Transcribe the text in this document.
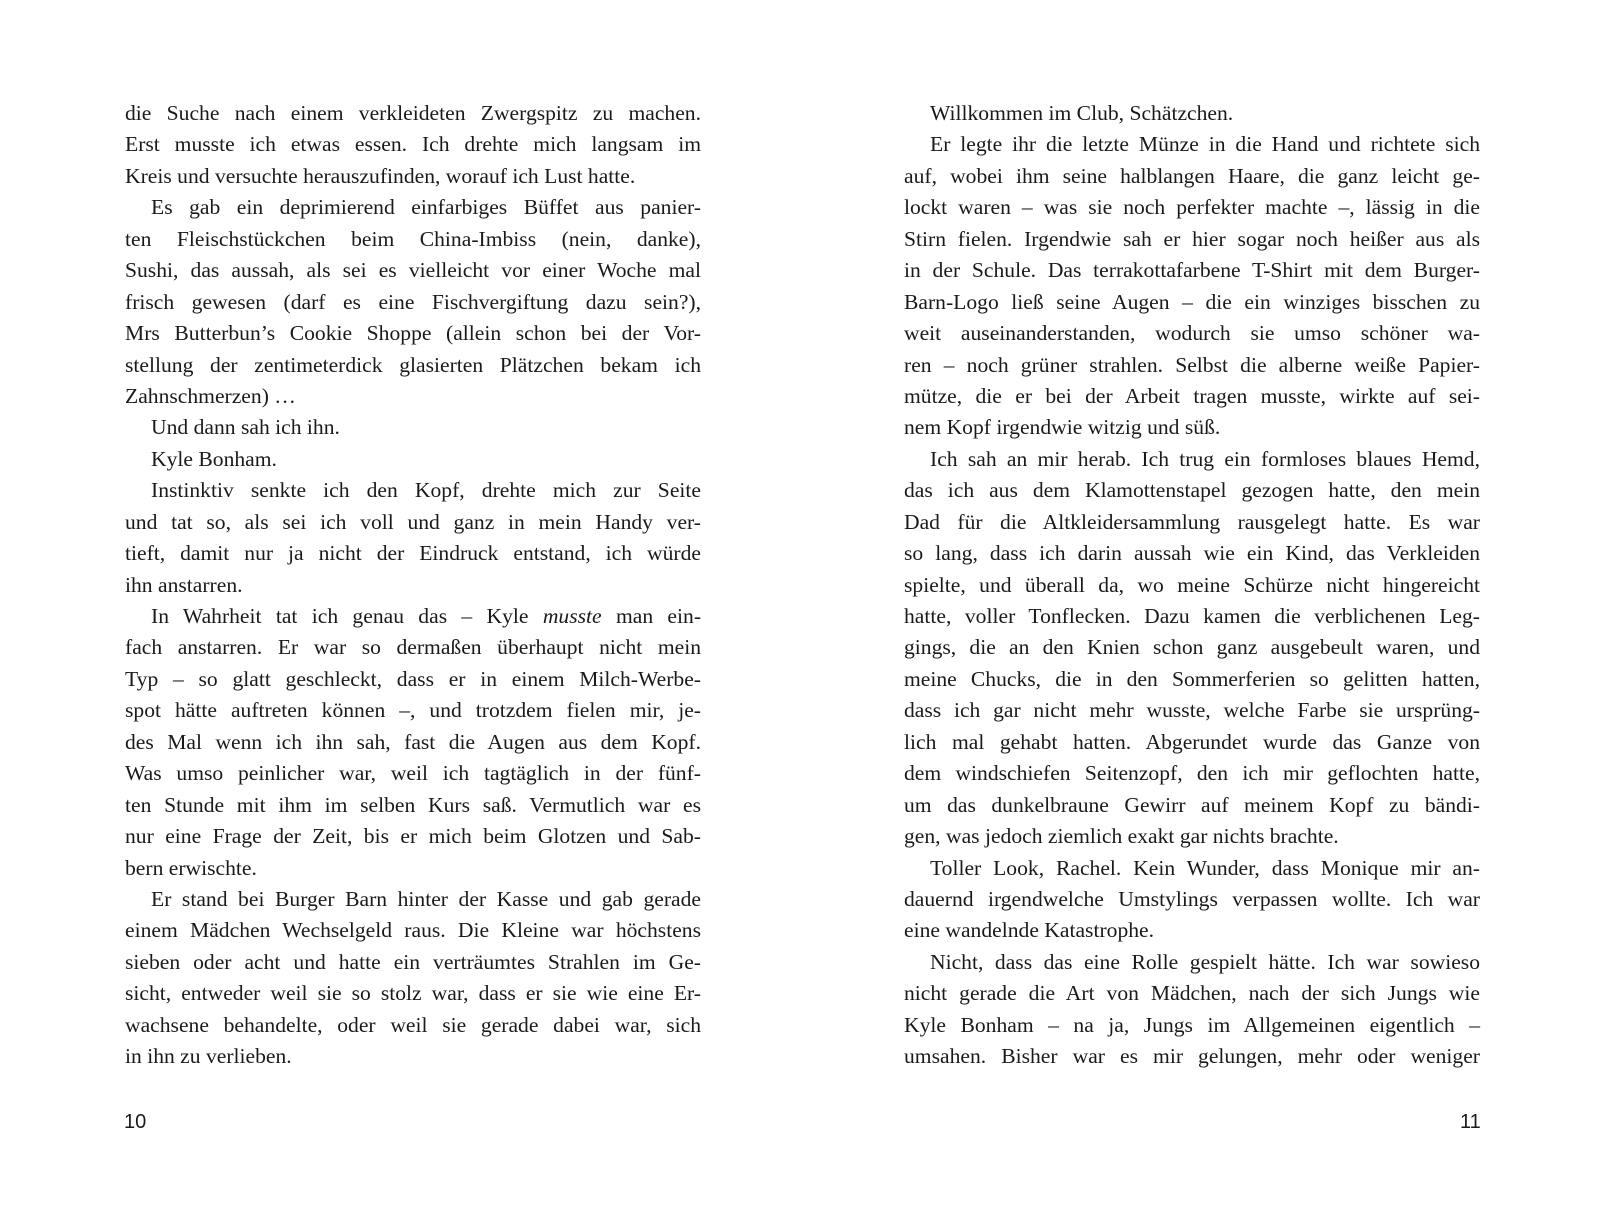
die Suche nach einem verkleideten Zwergspitz zu machen.
Erst musste ich etwas essen. Ich drehte mich langsam im
Kreis und versuchte herauszufinden, worauf ich Lust hatte.
Es gab ein deprimierend einfarbiges Büffet aus panier-
ten Fleischstückchen beim China-Imbiss (nein, danke),
Sushi, das aussah, als sei es vielleicht vor einer Woche mal
frisch gewesen (darf es eine Fischvergiftung dazu sein?),
Mrs Butterbun’s Cookie Shoppe (allein schon bei der Vor-
stellung der zentimeterdick glasierten Plätzchen bekam ich
Zahnschmerzen) …
Und dann sah ich ihn.
Kyle Bonham.
Instinktiv senkte ich den Kopf, drehte mich zur Seite
und tat so, als sei ich voll und ganz in mein Handy ver-
tieft, damit nur ja nicht der Eindruck entstand, ich würde
ihn anstarren.
In Wahrheit tat ich genau das – Kyle musste man ein-
fach anstarren. Er war so dermaßen überhaupt nicht mein
Typ – so glatt geschleckt, dass er in einem Milch-Werbe-
spot hätte auftreten können –, und trotzdem fielen mir, je-
des Mal wenn ich ihn sah, fast die Augen aus dem Kopf.
Was umso peinlicher war, weil ich tagtäglich in der fünf-
ten Stunde mit ihm im selben Kurs saß. Vermutlich war es
nur eine Frage der Zeit, bis er mich beim Glotzen und Sab-
bern erwischte.
Er stand bei Burger Barn hinter der Kasse und gab gerade
einem Mädchen Wechselgeld raus. Die Kleine war höchstens
sieben oder acht und hatte ein verträumtes Strahlen im Ge-
sicht, entweder weil sie so stolz war, dass er sie wie eine Er-
wachsene behandelte, oder weil sie gerade dabei war, sich
in ihn zu verlieben.
10
Willkommen im Club, Schätzchen.
Er legte ihr die letzte Münze in die Hand und richtete sich
auf, wobei ihm seine halblangen Haare, die ganz leicht ge-
lockt waren – was sie noch perfekter machte –, lässig in die
Stirn fielen. Irgendwie sah er hier sogar noch heißer aus als
in der Schule. Das terrakottafarbene T-Shirt mit dem Burger-
Barn-Logo ließ seine Augen – die ein winziges bisschen zu
weit auseinanderstanden, wodurch sie umso schöner wa-
ren – noch grüner strahlen. Selbst die alberne weiße Papier-
mütze, die er bei der Arbeit tragen musste, wirkte auf sei-
nem Kopf irgendwie witzig und süß.
Ich sah an mir herab. Ich trug ein formloses blaues Hemd,
das ich aus dem Klamottenstapel gezogen hatte, den mein
Dad für die Altkleidersammlung rausgelegt hatte. Es war
so lang, dass ich darin aussah wie ein Kind, das Verkleiden
spielte, und überall da, wo meine Schürze nicht hingereicht
hatte, voller Tonflecken. Dazu kamen die verblichenen Leg-
gings, die an den Knien schon ganz ausgebeult waren, und
meine Chucks, die in den Sommerferien so gelitten hatten,
dass ich gar nicht mehr wusste, welche Farbe sie ursprüng-
lich mal gehabt hatten. Abgerundet wurde das Ganze von
dem windschiefen Seitenzopf, den ich mir geflochten hatte,
um das dunkelbraune Gewirr auf meinem Kopf zu bändi-
gen, was jedoch ziemlich exakt gar nichts brachte.
Toller Look, Rachel. Kein Wunder, dass Monique mir an-
dauernd irgendwelche Umstylings verpassen wollte. Ich war
eine wandelnde Katastrophe.
Nicht, dass das eine Rolle gespielt hätte. Ich war sowieso
nicht gerade die Art von Mädchen, nach der sich Jungs wie
Kyle Bonham – na ja, Jungs im Allgemeinen eigentlich –
umsahen. Bisher war es mir gelungen, mehr oder weniger
11
